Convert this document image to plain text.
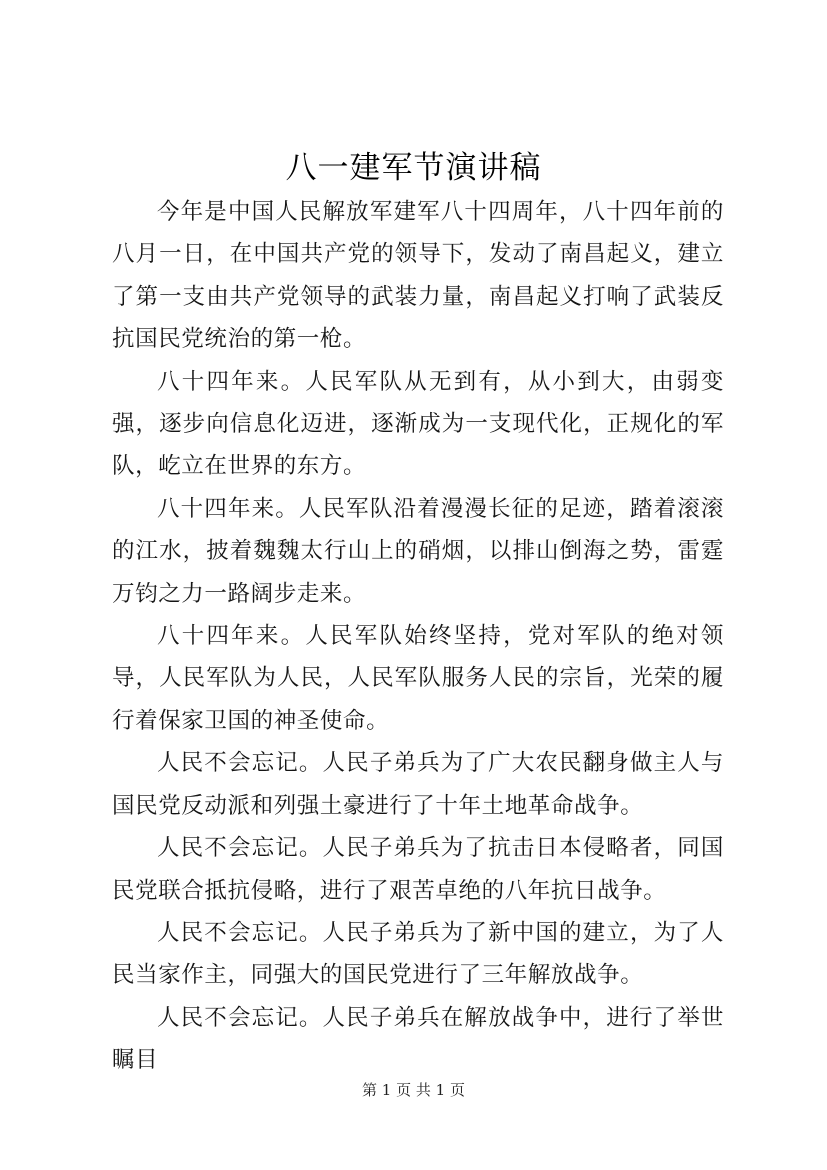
八一建军节演讲稿

今年是中国人民解放军建军八十四周年，八十四年前的八月一日，在中国共产党的领导下，发动了南昌起义，建立了第一支由共产党领导的武装力量，南昌起义打响了武装反抗国民党统治的第一枪。

八十四年来。人民军队从无到有，从小到大，由弱变强，逐步向信息化迈进，逐渐成为一支现代化，正规化的军队，屹立在世界的东方。

八十四年来。人民军队沿着漫漫长征的足迹，踏着滚滚的江水，披着魏魏太行山上的硝烟，以排山倒海之势，雷霆万钧之力一路阔步走来。

八十四年来。人民军队始终坚持，党对军队的绝对领导，人民军队为人民，人民军队服务人民的宗旨，光荣的履行着保家卫国的神圣使命。

人民不会忘记。人民子弟兵为了广大农民翻身做主人与国民党反动派和列强土豪进行了十年土地革命战争。

人民不会忘记。人民子弟兵为了抗击日本侵略者，同国民党联合抵抗侵略，进行了艰苦卓绝的八年抗日战争。

人民不会忘记。人民子弟兵为了新中国的建立，为了人民当家作主，同强大的国民党进行了三年解放战争。

人民不会忘记。人民子弟兵在解放战争中，进行了举世瞩目

第 1 页 共 1 页
